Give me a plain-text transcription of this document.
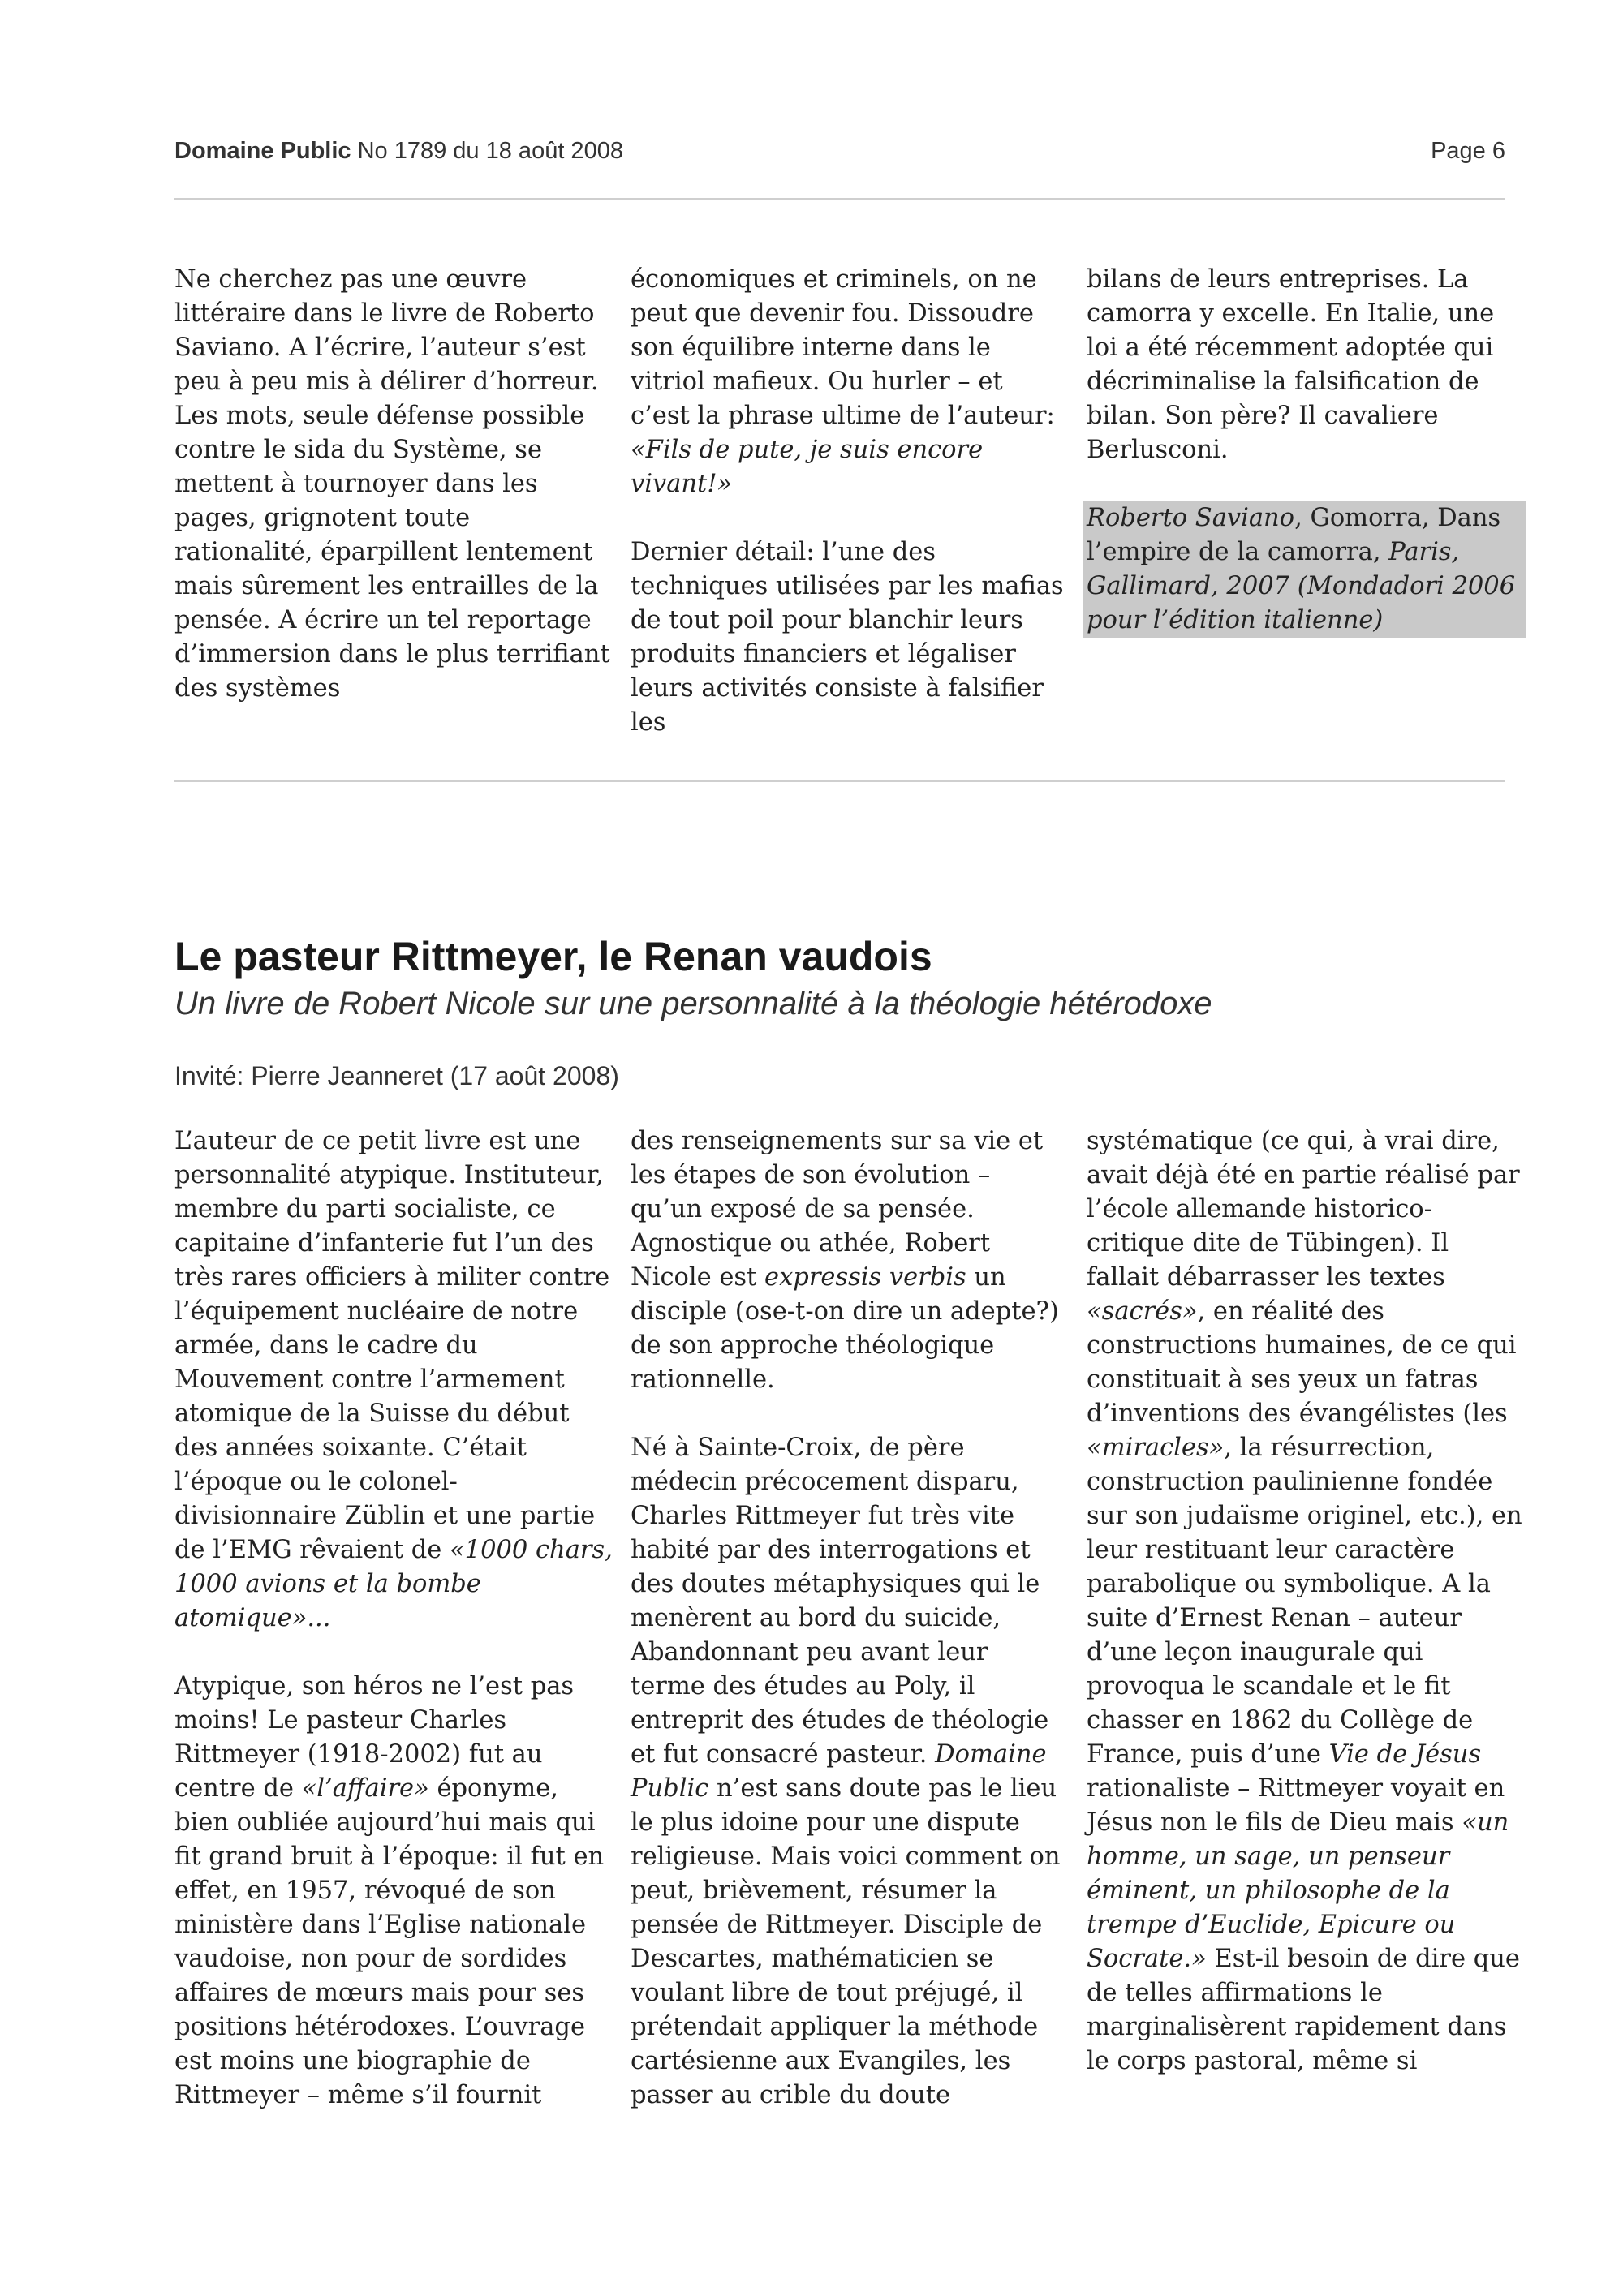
Domaine Public No 1789 du 18 août 2008	Page 6

Ne cherchez pas une œuvre littéraire dans le livre de Roberto Saviano. A l’écrire, l’auteur s’est peu à peu mis à délirer d’horreur. Les mots, seule défense possible contre le sida du Système, se mettent à tournoyer dans les pages, grignotent toute rationalité, éparpillent lentement mais sûrement les entrailles de la pensée. A écrire un tel reportage d’immersion dans le plus terrifiant des systèmes

économiques et criminels, on ne peut que devenir fou. Dissoudre son équilibre interne dans le vitriol mafieux. Ou hurler – et c’est la phrase ultime de l’auteur: «Fils de pute, je suis encore vivant!»

Dernier détail: l’une des techniques utilisées par les mafias de tout poil pour blanchir leurs produits financiers et légaliser leurs activités consiste à falsifier les

bilans de leurs entreprises. La camorra y excelle. En Italie, une loi a été récemment adoptée qui décriminalise la falsification de bilan. Son père? Il cavaliere Berlusconi.

Roberto Saviano, Gomorra, Dans l’empire de la camorra, Paris, Gallimard, 2007 (Mondadori 2006 pour l’édition italienne)
Le pasteur Rittmeyer, le Renan vaudois
Un livre de Robert Nicole sur une personnalité à la théologie hétérodoxe
Invité: Pierre Jeanneret (17 août 2008)

L’auteur de ce petit livre est une personnalité atypique. Instituteur, membre du parti socialiste, ce capitaine d’infanterie fut l’un des très rares officiers à militer contre l’équipement nucléaire de notre armée, dans le cadre du Mouvement contre l’armement atomique de la Suisse du début des années soixante. C’était l’époque ou le colonel-divisionnaire Züblin et une partie de l’EMG rêvaient de «1000 chars, 1000 avions et la bombe atomique»...

Atypique, son héros ne l’est pas moins! Le pasteur Charles Rittmeyer (1918-2002) fut au centre de «l’affaire» éponyme, bien oubliée aujourd’hui mais qui fit grand bruit à l’époque: il fut en effet, en 1957, révoqué de son ministère dans l’Eglise nationale vaudoise, non pour de sordides affaires de mœurs mais pour ses positions hétérodoxes. L’ouvrage est moins une biographie de Rittmeyer – même s’il fournit

des renseignements sur sa vie et les étapes de son évolution – qu’un exposé de sa pensée. Agnostique ou athée, Robert Nicole est expressis verbis un disciple (ose-t-on dire un adepte?) de son approche théologique rationnelle.

Né à Sainte-Croix, de père médecin précocement disparu, Charles Rittmeyer fut très vite habité par des interrogations et des doutes métaphysiques qui le menèrent au bord du suicide, Abandonnant peu avant leur terme des études au Poly, il entreprit des études de théologie et fut consacré pasteur. Domaine Public n’est sans doute pas le lieu le plus idoine pour une dispute religieuse. Mais voici comment on peut, brièvement, résumer la pensée de Rittmeyer. Disciple de Descartes, mathématicien se voulant libre de tout préjugé, il prétendait appliquer la méthode cartésienne aux Evangiles, les passer au crible du doute

systématique (ce qui, à vrai dire, avait déjà été en partie réalisé par l’école allemande historico-critique dite de Tübingen). Il fallait débarrasser les textes «sacrés», en réalité des constructions humaines, de ce qui constituait à ses yeux un fatras d’inventions des évangélistes (les «miracles», la résurrection, construction paulinienne fondée sur son judaïsme originel, etc.), en leur restituant leur caractère parabolique ou symbolique. A la suite d’Ernest Renan – auteur d’une leçon inaugurale qui provoqua le scandale et le fit chasser en 1862 du Collège de France, puis d’une Vie de Jésus rationaliste – Rittmeyer voyait en Jésus non le fils de Dieu mais «un homme, un sage, un penseur éminent, un philosophe de la trempe d’Euclide, Epicure ou Socrate.» Est-il besoin de dire que de telles affirmations le marginalisèrent rapidement dans le corps pastoral, même si
